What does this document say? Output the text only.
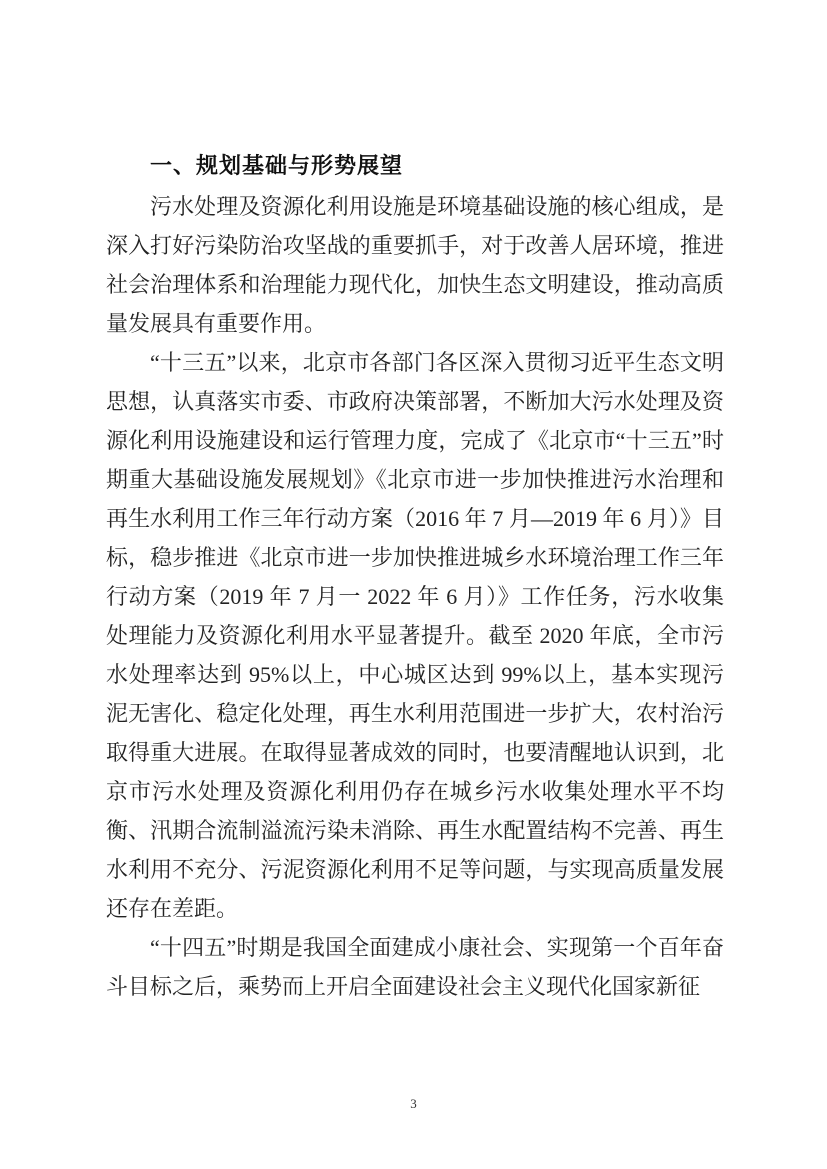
一、规划基础与形势展望

污水处理及资源化利用设施是环境基础设施的核心组成，是深入打好污染防治攻坚战的重要抓手，对于改善人居环境，推进社会治理体系和治理能力现代化，加快生态文明建设，推动高质量发展具有重要作用。

“十三五”以来，北京市各部门各区深入贯彻习近平生态文明思想，认真落实市委、市政府决策部署，不断加大污水处理及资源化利用设施建设和运行管理力度，完成了《北京市“十三五”时期重大基础设施发展规划》《北京市进一步加快推进污水治理和再生水利用工作三年行动方案（2016 年 7 月—2019 年 6 月）》目标，稳步推进《北京市进一步加快推进城乡水环境治理工作三年行动方案（2019 年 7 月一 2022 年 6 月）》工作任务，污水收集处理能力及资源化利用水平显著提升。截至 2020 年底，全市污水处理率达到 95%以上，中心城区达到 99%以上，基本实现污泥无害化、稳定化处理，再生水利用范围进一步扩大，农村治污取得重大进展。在取得显著成效的同时，也要清醒地认识到，北京市污水处理及资源化利用仍存在城乡污水收集处理水平不均衡、汛期合流制溢流污染未消除、再生水配置结构不完善、再生水利用不充分、污泥资源化利用不足等问题，与实现高质量发展还存在差距。

“十四五”时期是我国全面建成小康社会、实现第一个百年奋斗目标之后，乘势而上开启全面建设社会主义现代化国家新征

3
